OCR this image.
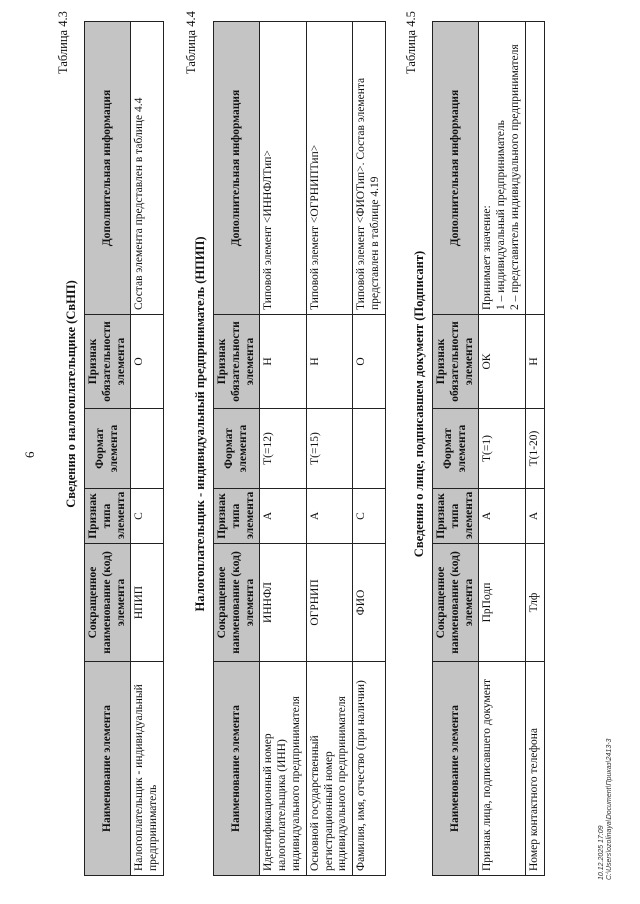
6
Таблица 4.3
Сведения о налогоплательщике (СвНП)
Наименование элемента	Сокращенное наименование (код) элемента	Признак типа элемента	Формат элемента	Признак обязательности элемента	Дополнительная информация
Налогоплательщик - индивидуальный предприниматель	НПИП	С		О	Состав элемента представлен в таблице 4.4
Таблица 4.4
Налогоплательщик - индивидуальный предприниматель (НПИП)
Наименование элемента	Сокращенное наименование (код) элемента	Признак типа элемента	Формат элемента	Признак обязательности элемента	Дополнительная информация
Идентификационный номер налогоплательщика (ИНН) индивидуального предпринимателя	ИННФЛ	А	T(=12)	Н	Типовой элемент <ИННФЛТип>
Основной государственный регистрационный номер индивидуального предпринимателя	ОГРНИП	А	T(=15)	Н	Типовой элемент <ОГРНИПТип>
Фамилия, имя, отчество (при наличии)	ФИО	С		О	Типовой элемент <ФИОТип>. Состав элемента представлен в таблице 4.19
Таблица 4.5
Сведения о лице, подписавшем документ (Подписант)
Наименование элемента	Сокращенное наименование (код) элемента	Признак типа элемента	Формат элемента	Признак обязательности элемента	Дополнительная информация
Признак лица, подписавшего документ	ПрПодп	А	T(=1)	ОК	Принимает значение: 1 – индивидуальный предприниматель 2 – представитель индивидуального предпринимателя

Номер контактного телефона	Тлф	А	T(1-20)	Н	
10.12.2025 17:09 C:\Users\ozolinaya\Document\Приказ\2413-3
